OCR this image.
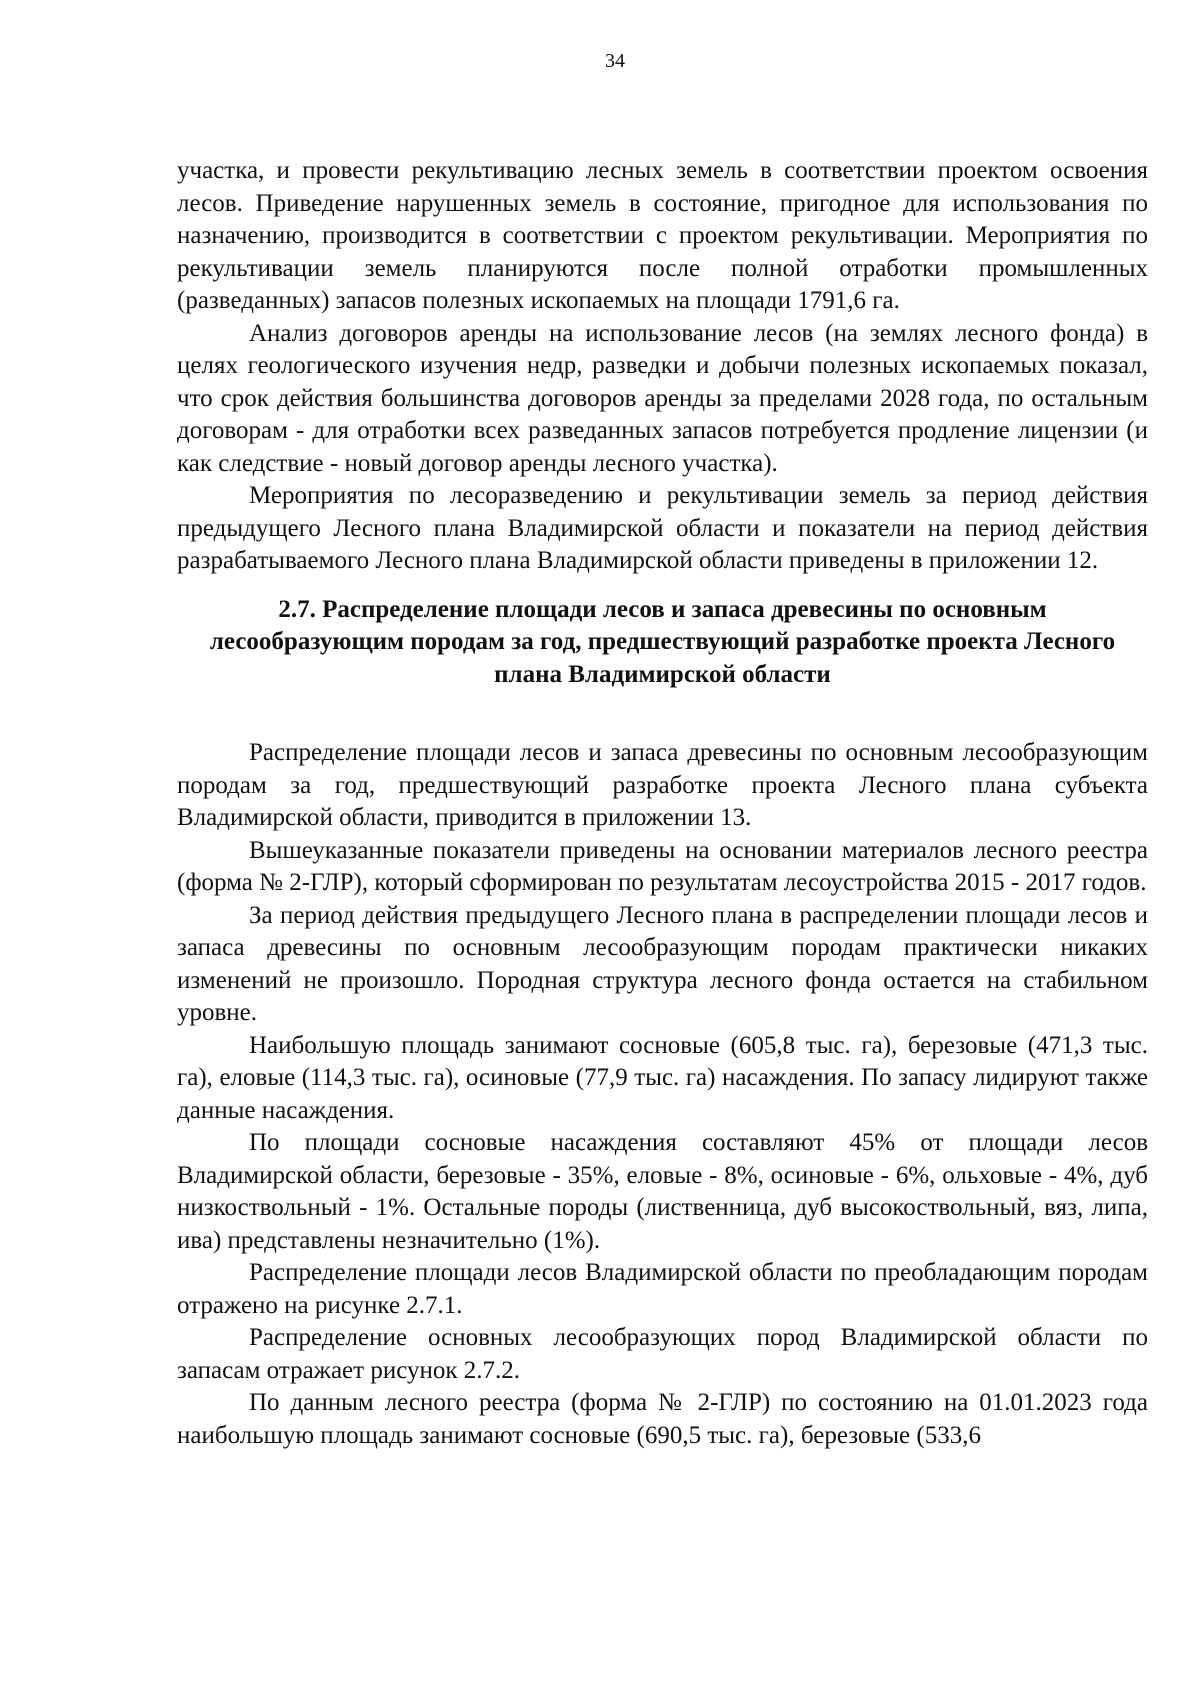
34

участка, и провести рекультивацию лесных земель в соответствии проектом освоения лесов. Приведение нарушенных земель в состояние, пригодное для использования по назначению, производится в соответствии с проектом рекультивации. Мероприятия по рекультивации земель планируются после полной отработки промышленных (разведанных) запасов полезных ископаемых на площади 1791,6 га.

Анализ договоров аренды на использование лесов (на землях лесного фонда) в целях геологического изучения недр, разведки и добычи полезных ископаемых показал, что срок действия большинства договоров аренды за пределами 2028 года, по остальным договорам - для отработки всех разведанных запасов потребуется продление лицензии (и как следствие - новый договор аренды лесного участка).

Мероприятия по лесоразведению и рекультивации земель за период действия предыдущего Лесного плана Владимирской области и показатели на период действия разрабатываемого Лесного плана Владимирской области приведены в приложении 12.

2.7. Распределение площади лесов и запаса древесины по основным лесообразующим породам за год, предшествующий разработке проекта Лесного плана Владимирской области

Распределение площади лесов и запаса древесины по основным лесообразующим породам за год, предшествующий разработке проекта Лесного плана субъекта Владимирской области, приводится в приложении 13.

Вышеуказанные показатели приведены на основании материалов лесного реестра (форма № 2-ГЛР), который сформирован по результатам лесоустройства 2015 - 2017 годов.

За период действия предыдущего Лесного плана в распределении площади лесов и запаса древесины по основным лесообразующим породам практически никаких изменений не произошло. Породная структура лесного фонда остается на стабильном уровне.

Наибольшую площадь занимают сосновые (605,8 тыс. га), березовые (471,3 тыс. га), еловые (114,3 тыс. га), осиновые (77,9 тыс. га) насаждения. По запасу лидируют также данные насаждения.

По площади сосновые насаждения составляют 45% от площади лесов Владимирской области, березовые - 35%, еловые - 8%, осиновые - 6%, ольховые - 4%, дуб низкоствольный - 1%. Остальные породы (лиственница, дуб высокоствольный, вяз, липа, ива) представлены незначительно (1%).

Распределение площади лесов Владимирской области по преобладающим породам отражено на рисунке 2.7.1.

Распределение основных лесообразующих пород Владимирской области по запасам отражает рисунок 2.7.2.

По данным лесного реестра (форма № 2-ГЛР) по состоянию на 01.01.2023 года наибольшую площадь занимают сосновые (690,5 тыс. га), березовые (533,6
